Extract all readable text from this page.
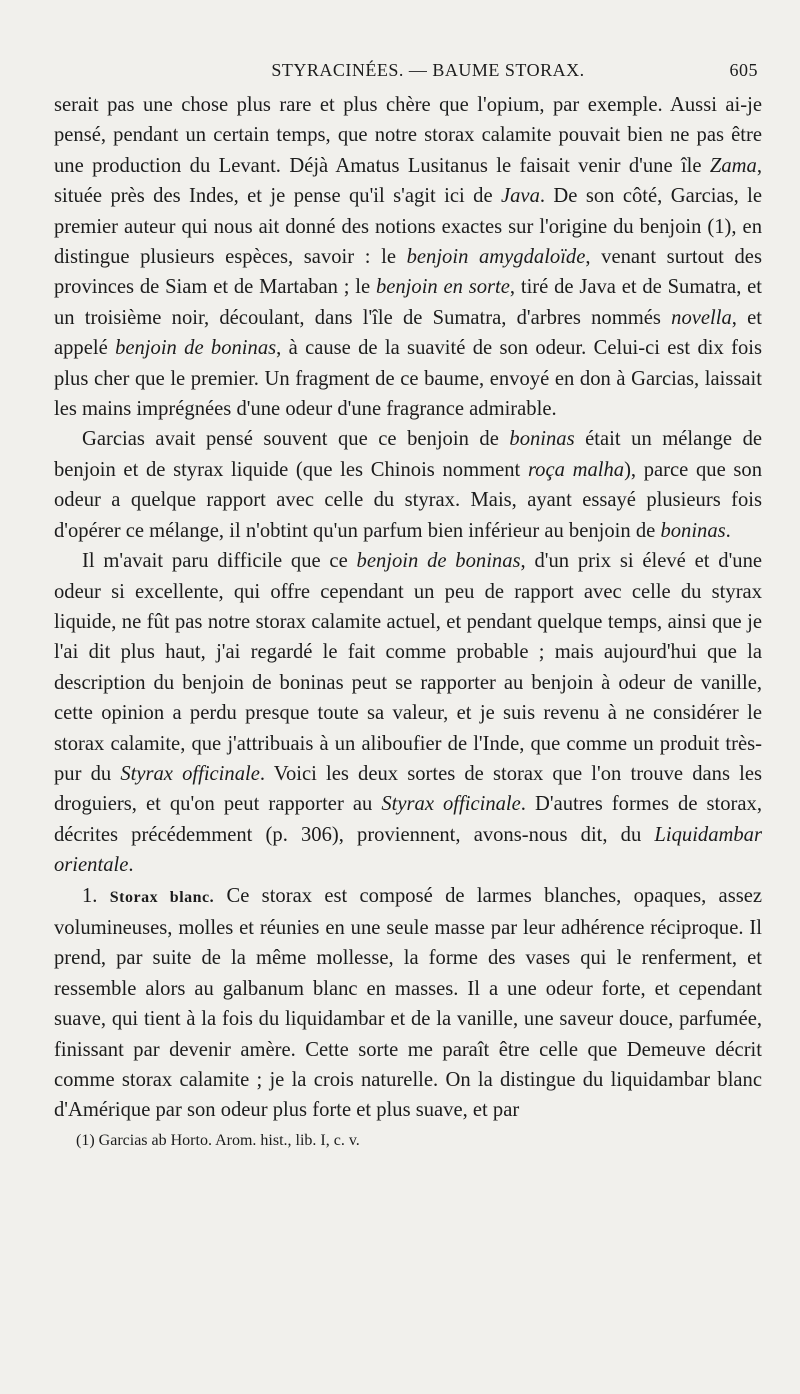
STYRACINÉES. — BAUME STORAX.	605

serait pas une chose plus rare et plus chère que l'opium, par exemple. Aussi ai-je pensé, pendant un certain temps, que notre storax calamite pouvait bien ne pas être une production du Levant. Déjà Amatus Lusitanus le faisait venir d'une île Zama, située près des Indes, et je pense qu'il s'agit ici de Java. De son côté, Garcias, le premier auteur qui nous ait donné des notions exactes sur l'origine du benjoin (1), en distingue plusieurs espèces, savoir : le benjoin amygdaloïde, venant surtout des provinces de Siam et de Martaban ; le benjoin en sorte, tiré de Java et de Sumatra, et un troisième noir, découlant, dans l'île de Sumatra, d'arbres nommés novella, et appelé benjoin de boninas, à cause de la suavité de son odeur. Celui-ci est dix fois plus cher que le premier. Un fragment de ce baume, envoyé en don à Garcias, laissait les mains imprégnées d'une odeur d'une fragrance admirable.

Garcias avait pensé souvent que ce benjoin de boninas était un mélange de benjoin et de styrax liquide (que les Chinois nomment roça malha), parce que son odeur a quelque rapport avec celle du styrax. Mais, ayant essayé plusieurs fois d'opérer ce mélange, il n'obtint qu'un parfum bien inférieur au benjoin de boninas.

Il m'avait paru difficile que ce benjoin de boninas, d'un prix si élevé et d'une odeur si excellente, qui offre cependant un peu de rapport avec celle du styrax liquide, ne fût pas notre storax calamite actuel, et pendant quelque temps, ainsi que je l'ai dit plus haut, j'ai regardé le fait comme probable ; mais aujourd'hui que la description du benjoin de boninas peut se rapporter au benjoin à odeur de vanille, cette opinion a perdu presque toute sa valeur, et je suis revenu à ne considérer le storax calamite, que j'attribuais à un aliboufier de l'Inde, que comme un produit très-pur du Styrax officinale. Voici les deux sortes de storax que l'on trouve dans les droguiers, et qu'on peut rapporter au Styrax officinale. D'autres formes de storax, décrites précédemment (p. 306), proviennent, avons-nous dit, du Liquidambar orientale.

1. Storax blanc. Ce storax est composé de larmes blanches, opaques, assez volumineuses, molles et réunies en une seule masse par leur adhérence réciproque. Il prend, par suite de la même mollesse, la forme des vases qui le renferment, et ressemble alors au galbanum blanc en masses. Il a une odeur forte, et cependant suave, qui tient à la fois du liquidambar et de la vanille, une saveur douce, parfumée, finissant par devenir amère. Cette sorte me paraît être celle que Demeuve décrit comme storax calamite ; je la crois naturelle. On la distingue du liquidambar blanc d'Amérique par son odeur plus forte et plus suave, et par

(1) Garcias ab Horto. Arom. hist., lib. I, c. v.
